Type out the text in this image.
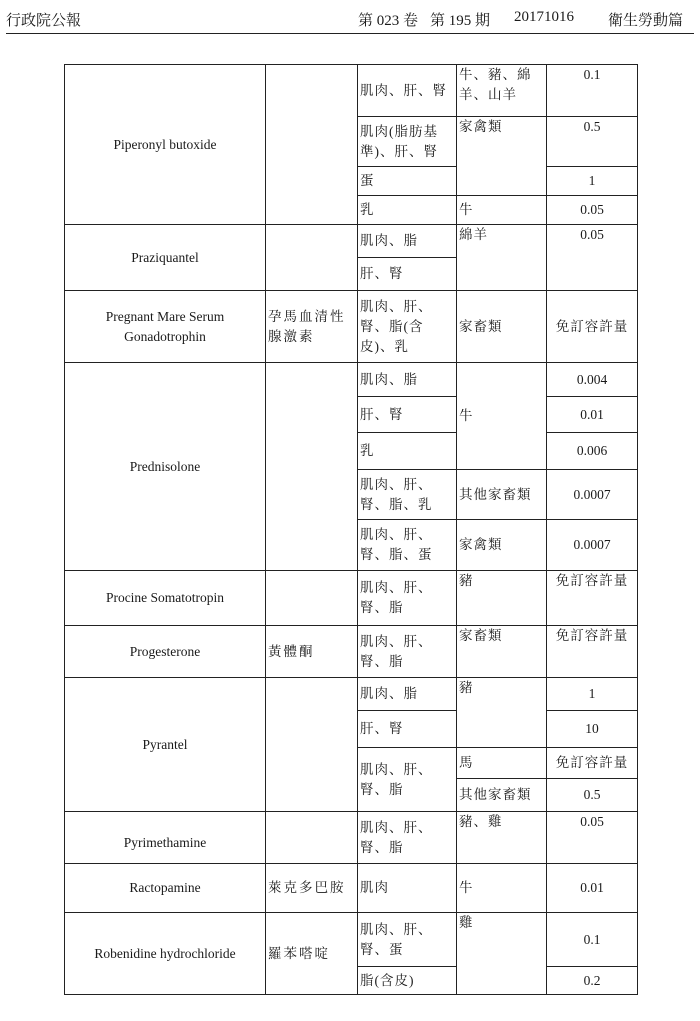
行政院公報	第 023 卷 第 195 期 20171016 衛生勞動篇
Piperonyl butoxide		肌肉、肝、腎	牛、豬、綿羊、山羊	0.1
		肌肉(脂肪基準)、肝、腎	家禽類	0.5
		蛋		1
		乳	牛	0.05
Praziquantel		肌肉、脂	綿羊	0.05
		肝、腎		
Pregnant Mare Serum Gonadotrophin	孕馬血清性腺激素	肌肉、肝、腎、脂(含皮)、乳	家畜類	免訂容許量
Prednisolone		肌肉、脂	牛	0.004
		肝、腎		0.01
		乳		0.006
		肌肉、肝、腎、脂、乳	其他家畜類	0.0007
		肌肉、肝、腎、脂、蛋	家禽類	0.0007
Procine Somatotropin		肌肉、肝、腎、脂	豬	免訂容許量
Progesterone	黃體酮	肌肉、肝、腎、脂	家畜類	免訂容許量
Pyrantel		肌肉、脂	豬	1
		肝、腎		10
		肌肉、肝、腎、脂	馬	免訂容許量
			其他家畜類	0.5
Pyrimethamine		肌肉、肝、腎、脂	豬、雞	0.05
Ractopamine	萊克多巴胺	肌肉	牛	0.01
Robenidine hydrochloride	羅苯嗒啶	肌肉、肝、腎、蛋	雞	0.1
		脂(含皮)		0.2
